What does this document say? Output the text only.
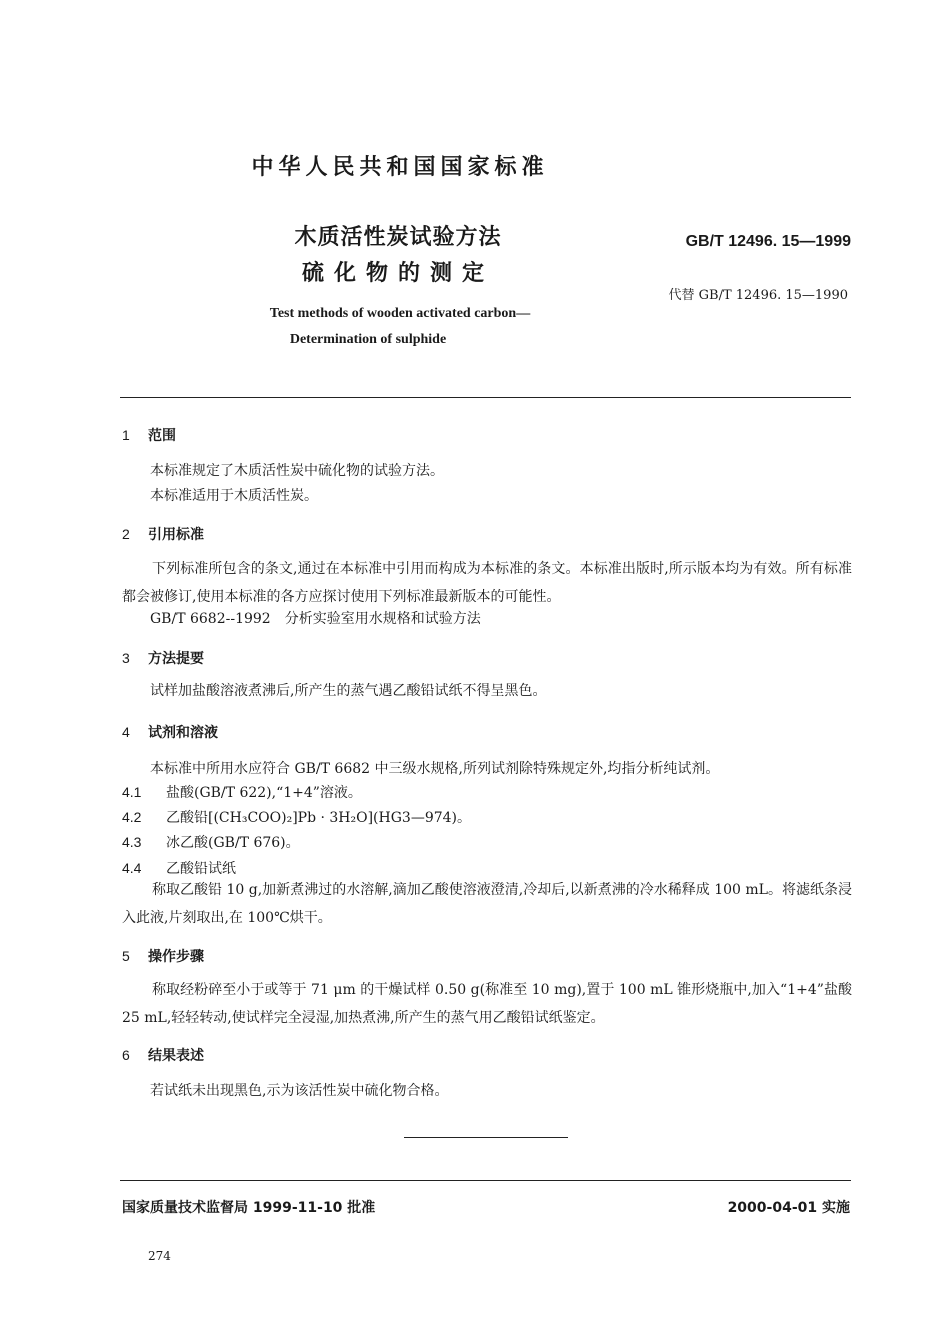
中华人民共和国国家标准
木质活性炭试验方法
硫化物的测定
GB/T 12496. 15—1999
代替 GB/T 12496. 15—1990
Test methods of wooden activated carbon—
Determination of sulphide
1 范围
本标准规定了木质活性炭中硫化物的试验方法。
本标准适用于木质活性炭。
2 引用标准
下列标准所包含的条文,通过在本标准中引用而构成为本标准的条文。本标准出版时,所示版本均为有效。所有标准都会被修订,使用本标准的各方应探讨使用下列标准最新版本的可能性。
GB/T 6682--1992　分析实验室用水规格和试验方法
3 方法提要
试样加盐酸溶液煮沸后,所产生的蒸气遇乙酸铅试纸不得呈黑色。
4 试剂和溶液
本标准中所用水应符合 GB/T 6682 中三级水规格,所列试剂除特殊规定外,均指分析纯试剂。
4.1 盐酸(GB/T 622),“1+4”溶液。
4.2 乙酸铅[(CH₃COO)₂]Pb · 3H₂O](HG3—974)。
4.3 冰乙酸(GB/T 676)。
4.4 乙酸铅试纸
称取乙酸铅 10 g,加新煮沸过的水溶解,滴加乙酸使溶液澄清,冷却后,以新煮沸的冷水稀释成 100 mL。将滤纸条浸入此液,片刻取出,在 100℃烘干。
5 操作步骤
称取经粉碎至小于或等于 71 μm 的干燥试样 0.50 g(称准至 10 mg),置于 100 mL 锥形烧瓶中,加入“1+4”盐酸 25 mL,轻轻转动,使试样完全浸湿,加热煮沸,所产生的蒸气用乙酸铅试纸鉴定。
6 结果表述
若试纸未出现黑色,示为该活性炭中硫化物合格。
国家质量技术监督局 1999-11-10 批准	2000-04-01 实施
274
